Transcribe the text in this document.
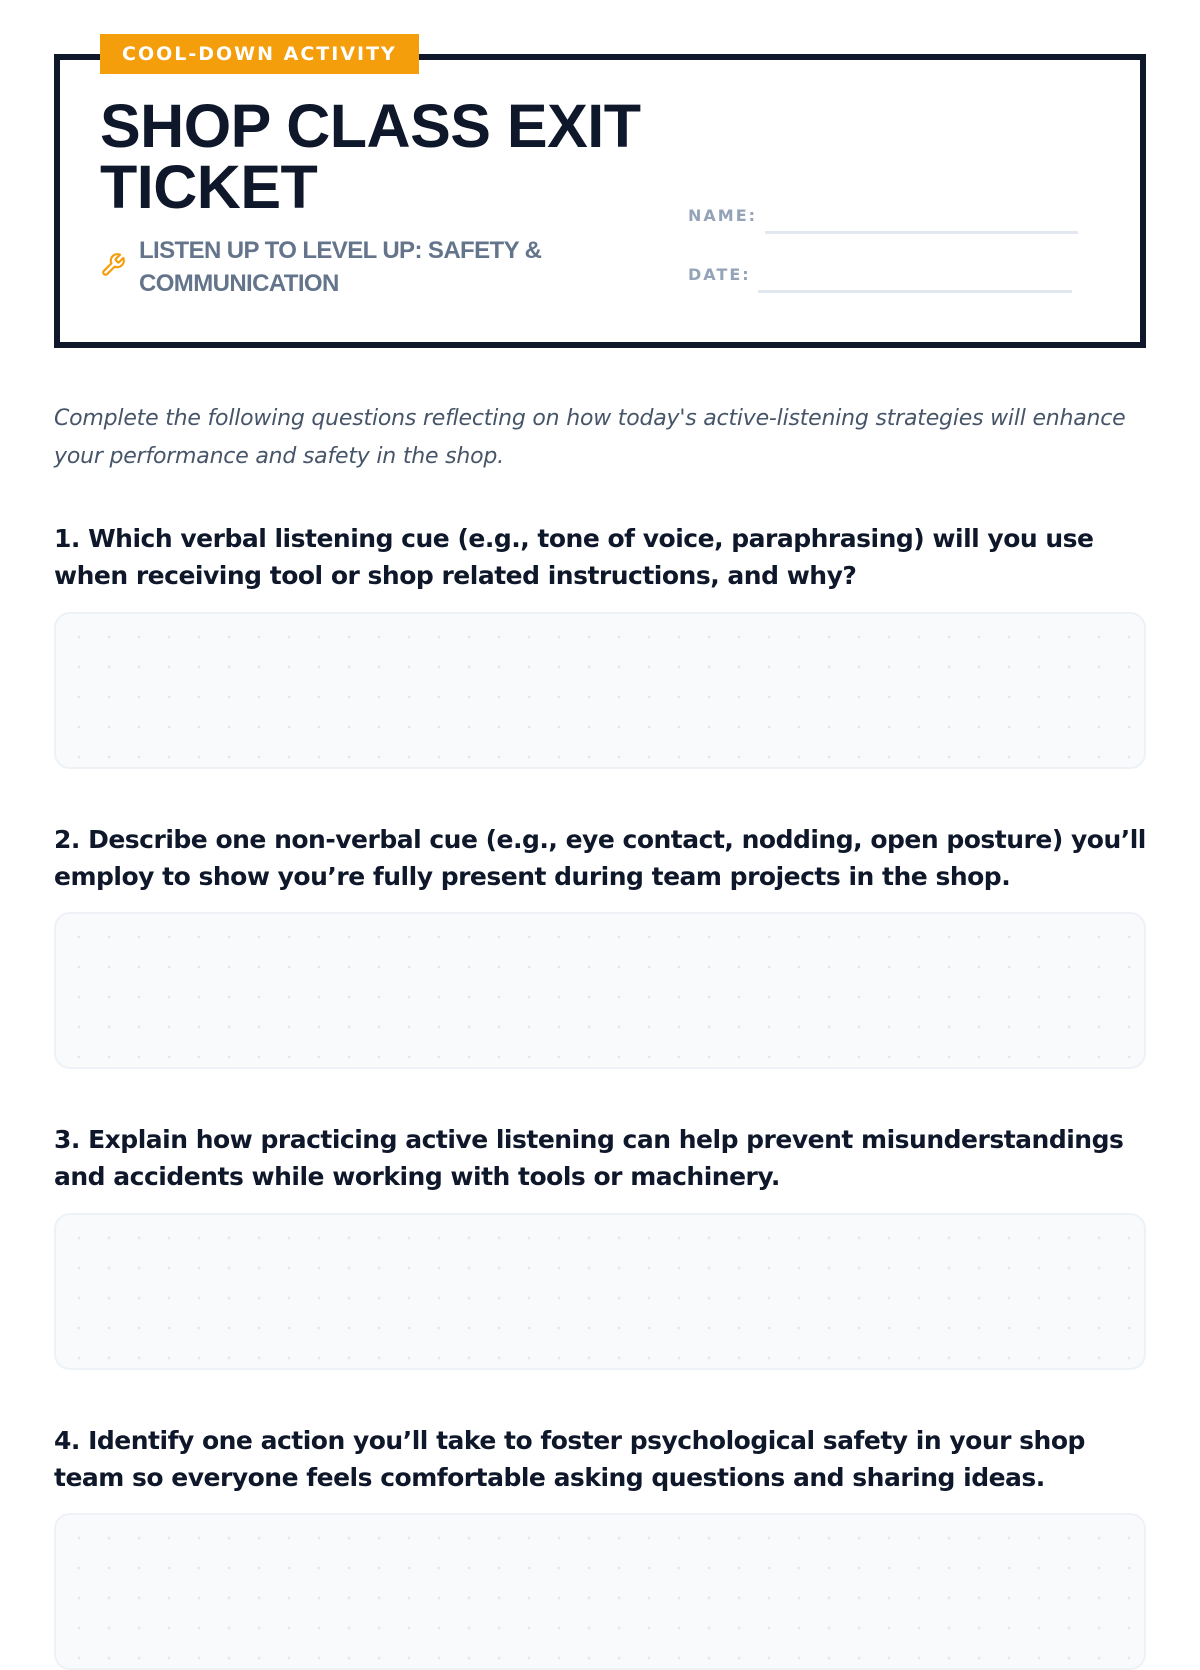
COOL-DOWN ACTIVITY
SHOP CLASS EXIT TICKET
LISTEN UP TO LEVEL UP: SAFETY & COMMUNICATION
NAME:
DATE:

Complete the following questions reflecting on how today's active-listening strategies will enhance your performance and safety in the shop.

1. Which verbal listening cue (e.g., tone of voice, paraphrasing) will you use when receiving tool or shop related instructions, and why?

2. Describe one non-verbal cue (e.g., eye contact, nodding, open posture) you’ll employ to show you’re fully present during team projects in the shop.

3. Explain how practicing active listening can help prevent misunderstandings and accidents while working with tools or machinery.

4. Identify one action you’ll take to foster psychological safety in your shop team so everyone feels comfortable asking questions and sharing ideas.
